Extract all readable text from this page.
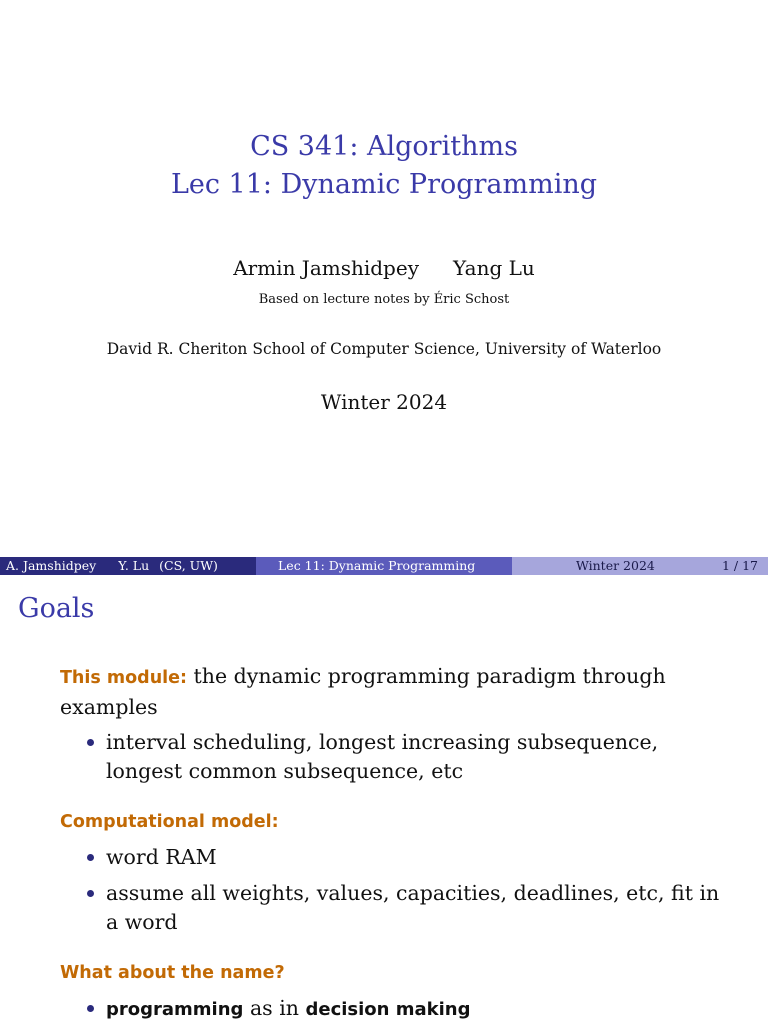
CS 341: Algorithms
Lec 11: Dynamic Programming
Armin Jamshidpey Yang Lu
Based on lecture notes by Éric Schost
David R. Cheriton School of Computer Science, University of Waterloo
Winter 2024
A. Jamshidpey Y. Lu (CS, UW)	Lec 11: Dynamic Programming	Winter 2024	1 / 17
Goals

This module: the dynamic programming paradigm through examples

interval scheduling, longest increasing subsequence, longest common subsequence, etc
Computational model:
word RAM
assume all weights, values, capacities, deadlines, etc, fit in a word
What about the name?
programming as in decision making
